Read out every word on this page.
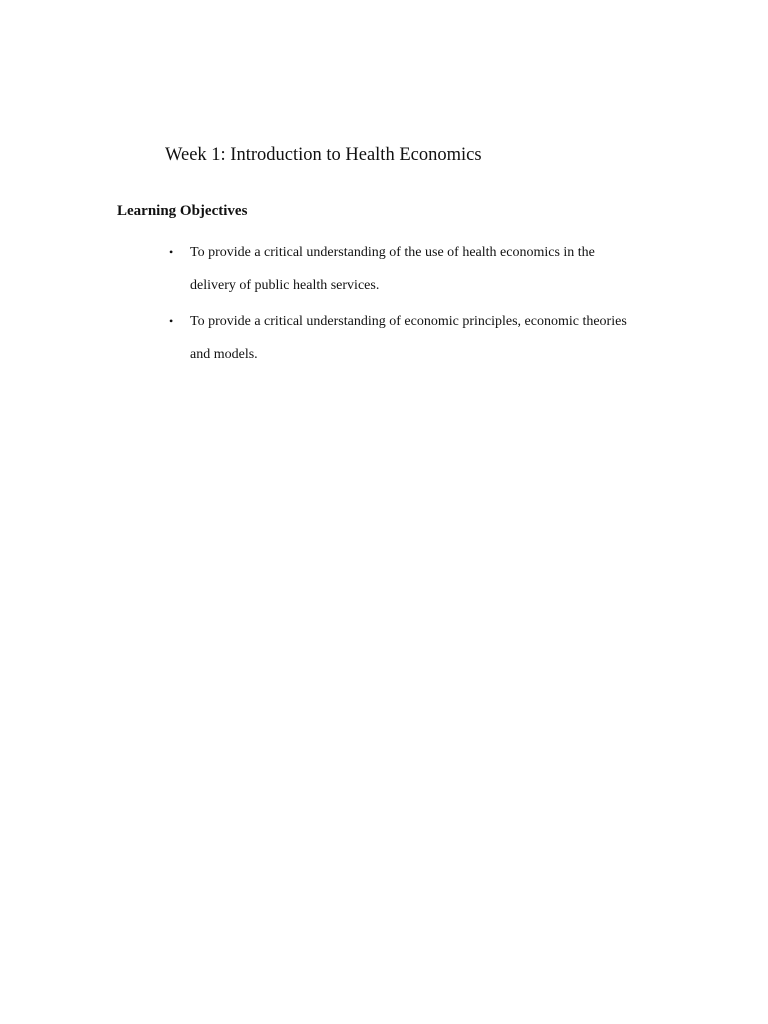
Week 1: Introduction to Health Economics
Learning Objectives
• To provide a critical understanding of the use of health economics in the
delivery of public health services.
• To provide a critical understanding of economic principles, economic theories
and models.
